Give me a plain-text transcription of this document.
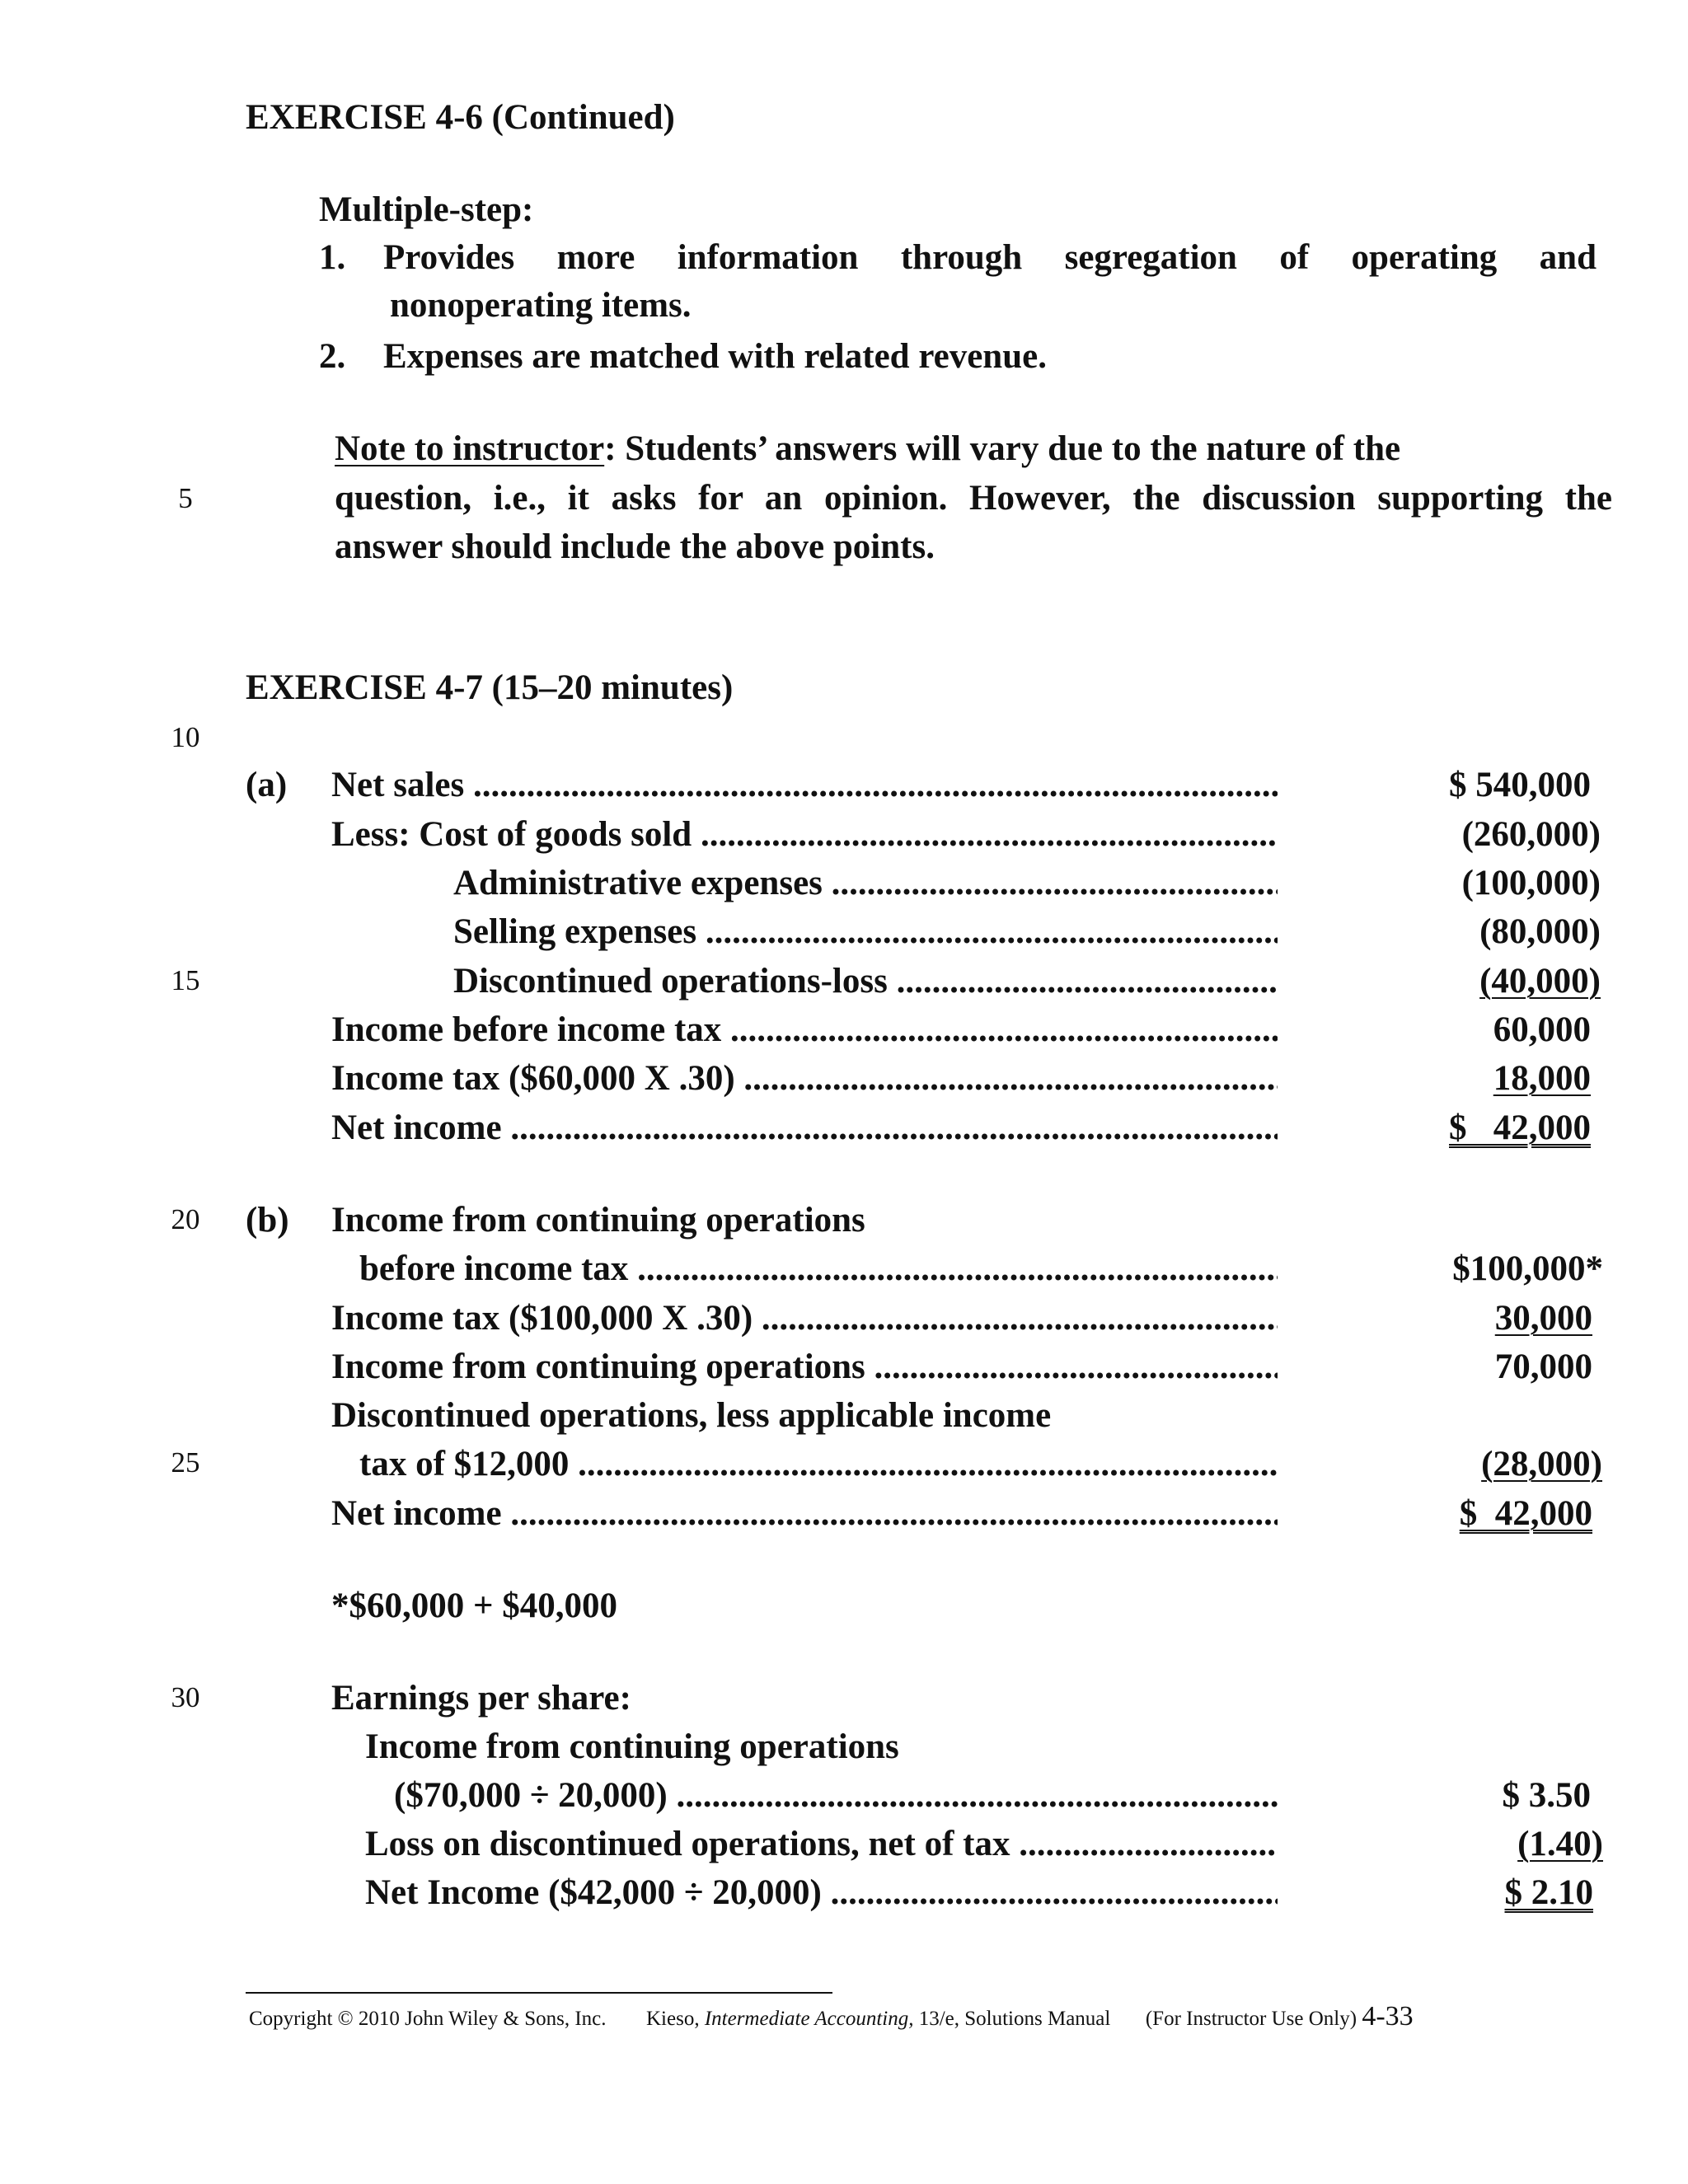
EXERCISE 4-6 (Continued)
Multiple-step:
1. Provides more information through segregation of operating and
nonoperating items.
2. Expenses are matched with related revenue.
Note to instructor: Students’ answers will vary due to the nature of the
question, i.e., it asks for an opinion. However, the discussion supporting the
answer should include the above points.
5
10
15
20
25
30
EXERCISE 4-7 (15–20 minutes)
(a) Net sales .....	$ 540,000
Less: Cost of goods sold .....	(260,000)
Administrative expenses .....	(100,000)
Selling expenses .....	(80,000)
Discontinued operations-loss .....	(40,000)
Income before income tax .....	60,000
Income tax ($60,000 X .30) .....	18,000
Net income .....	$   42,000
(b) Income from continuing operations
before income tax .....	$100,000*
Income tax ($100,000 X .30) .....	30,000
Income from continuing operations .....	70,000
Discontinued operations, less applicable income
tax of $12,000 .....	(28,000)
Net income .....	$  42,000
*$60,000 + $40,000
Earnings per share:
Income from continuing operations
($70,000 ÷ 20,000) .....	$ 3.50
Loss on discontinued operations, net of tax .....	(1.40)
Net Income ($42,000 ÷ 20,000) .....	$ 2.10
Copyright © 2010 John Wiley & Sons, Inc. Kieso, Intermediate Accounting, 13/e, Solutions Manual (For Instructor Use Only) 4-33
